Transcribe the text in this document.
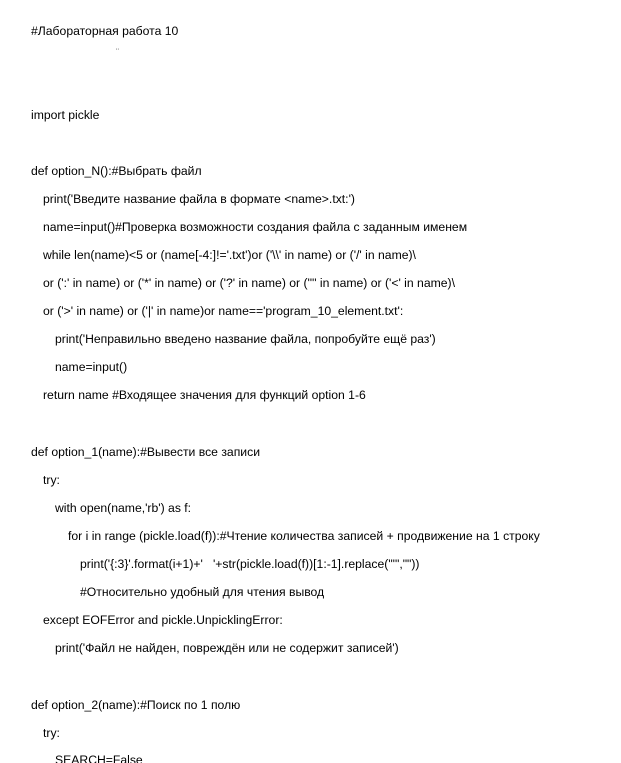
#Лабораторная работа 10
¨
import pickle
def option_N():#Выбрать файл
print('Введите название файла в формате <name>.txt:')
name=input()#Проверка возможности создания файла с заданным именем
while len(name)<5 or (name[-4:]!='.txt')or ('\\' in name) or ('/' in name)\
or (':' in name) or ('*' in name) or ('?' in name) or ('"' in name) or ('<' in name)\
or ('>' in name) or ('|' in name)or name=='program_10_element.txt':
print('Неправильно введено название файла, попробуйте ещё раз')
name=input()
return name #Входящее значения для функций option 1-6
def option_1(name):#Вывести все записи
try:
with open(name,'rb') as f:
for i in range (pickle.load(f)):#Чтение количества записей + продвижение на 1 строку
print('{:3}'.format(i+1)+'   '+str(pickle.load(f))[1:-1].replace("'",""))
#Относительно удобный для чтения вывод
except EOFError and pickle.UnpicklingError:
print('Файл не найден, повреждён или не содержит записей')
def option_2(name):#Поиск по 1 полю
try:
SEARCH=False
